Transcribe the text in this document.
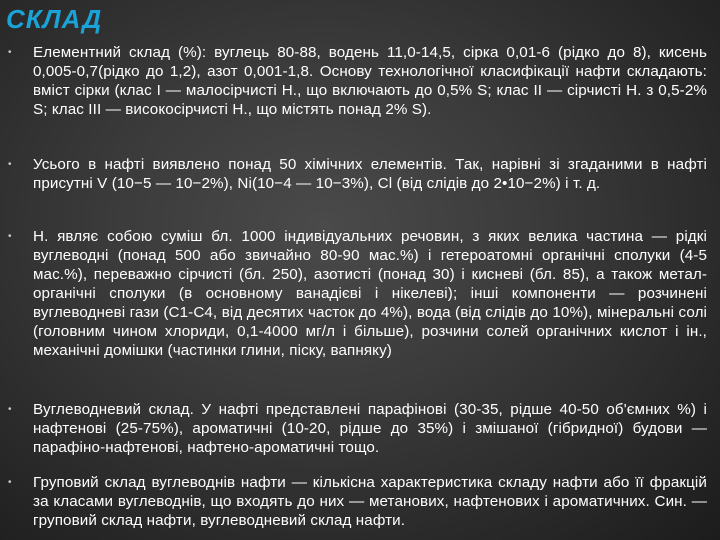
СКЛАД
• Елементний склад (%): вуглець 80-88, водень 11,0-14,5, сірка 0,01-6 (рідко до 8), кисень 0,005-0,7(рідко до 1,2), азот 0,001-1,8. Основу технологічної класифікації нафти складають: вміст сірки (клас I — малосірчисті Н., що включають до 0,5% S; клас II — сірчисті Н. з 0,5-2% S; клас III — високосірчисті Н., що містять понад 2% S).
• Усього в нафті виявлено понад 50 хімічних елементів. Так, нарівні зі згаданими в нафті присутні V (10−5 — 10−2%), Ni(10−4 — 10−3%), Cl (від слідів до 2•10−2%) і т. д.
• Н. являє собою суміш бл. 1000 індивідуальних речовин, з яких велика частина — рідкі вуглеводні (понад 500 або звичайно 80-90 мас.%) і гетероатомні органічні сполуки (4-5 мас.%), переважно сірчисті (бл. 250), азотисті (понад 30) і кисневі (бл. 85), а також метал-органічні сполуки (в основному ванадієві і нікелеві); інші компоненти — розчинені вуглеводневі гази (C1-C4, від десятих часток до 4%), вода (від слідів до 10%), мінеральні солі (головним чином хлориди, 0,1-4000 мг/л і більше), розчини солей органічних кислот і ін., механічні домішки (частинки глини, піску, вапняку)
• Вуглеводневий склад. У нафті представлені парафінові (30-35, рідше 40-50 об'ємних %) і нафтенові (25-75%), ароматичні (10-20, рідше до 35%) і змішаної (гібридної) будови — парафіно-нафтенові, нафтено-ароматичні тощо.
• Груповий склад вуглеводнів нафти — кількісна характеристика складу нафти або її фракцій за класами вуглеводнів, що входять до них — метанових, нафтенових і ароматичних. Син. — груповий склад нафти, вуглеводневий склад нафти.
